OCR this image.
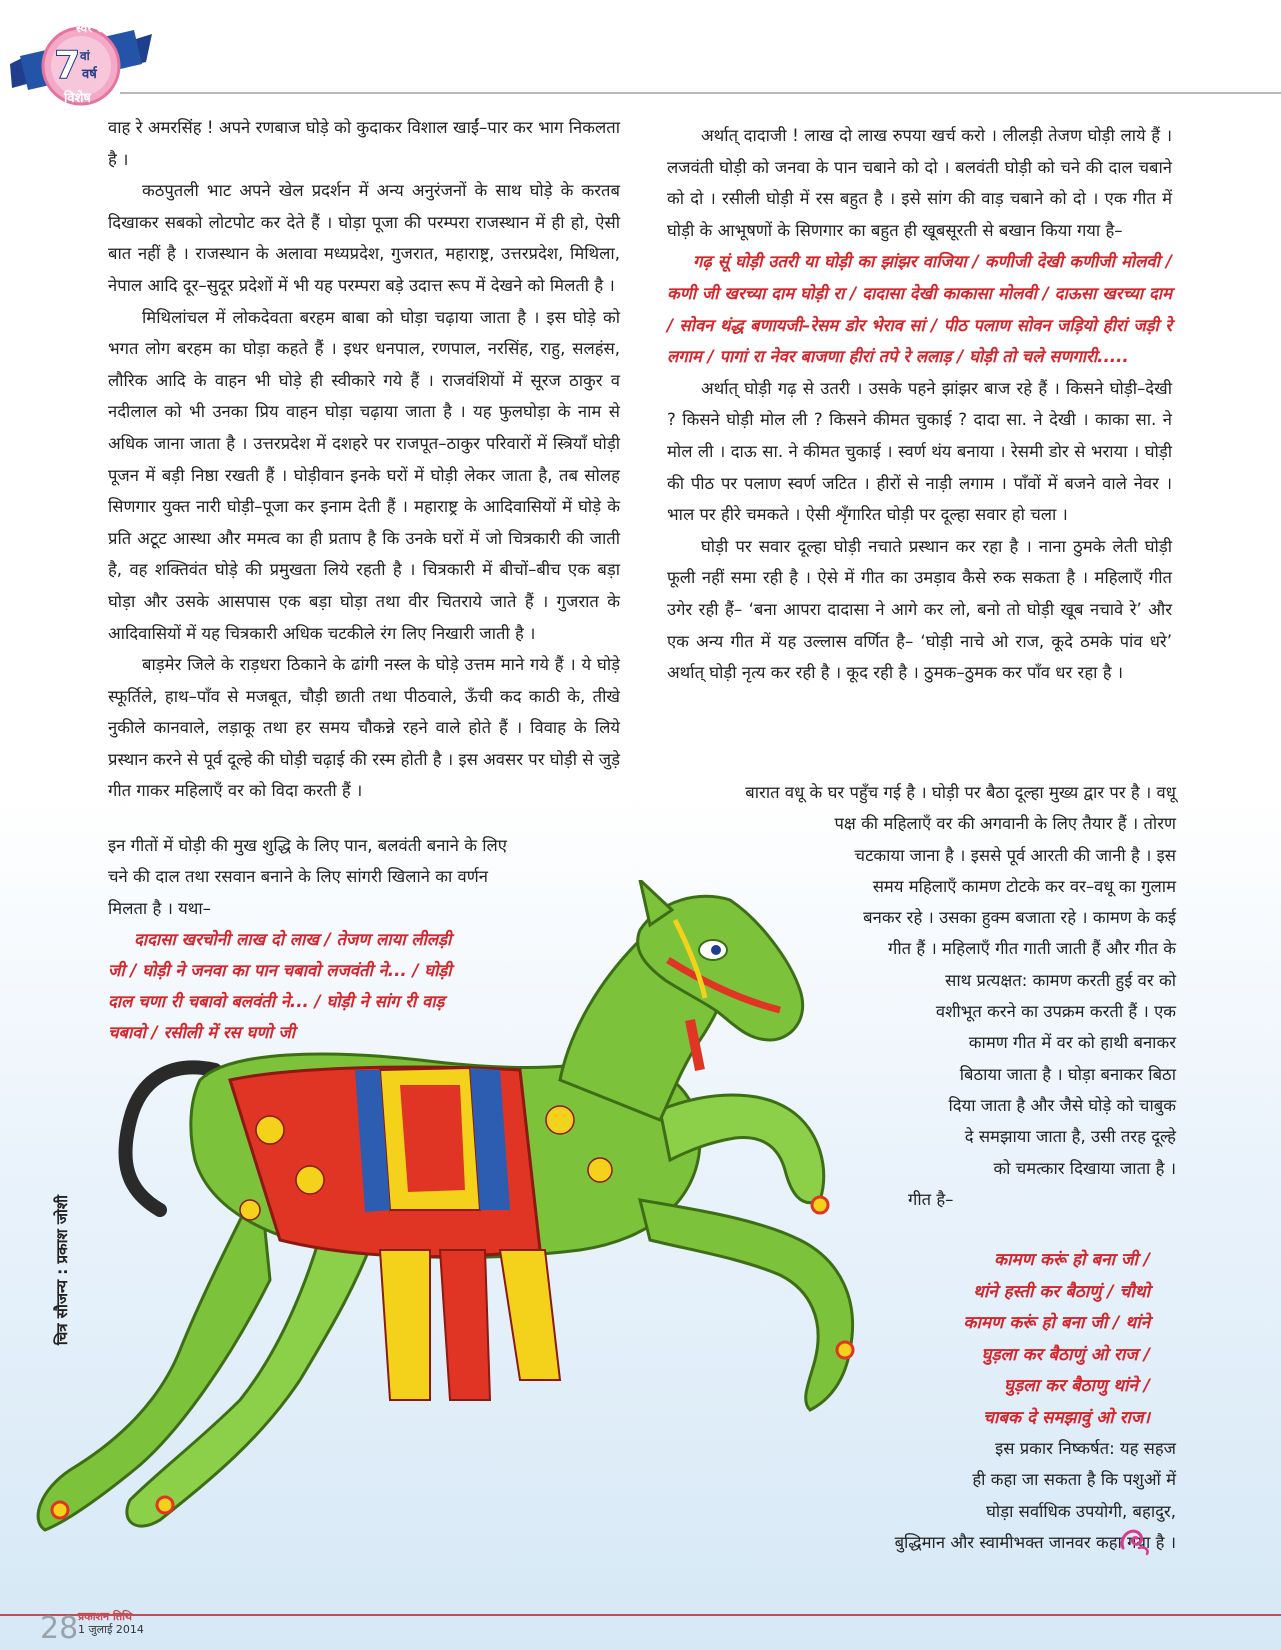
स्वर सरिता
7 वां
वर्ष
विशेष

वाह रे अमरसिंह ! अपने रणबाज घोड़े को कुदाकर विशाल खाईं–पार कर भाग निकलता है ।

कठपुतली भाट अपने खेल प्रदर्शन में अन्य अनुरंजनों के साथ घोड़े के करतब दिखाकर सबको लोटपोट कर देते हैं । घोड़ा पूजा की परम्परा राजस्थान में ही हो, ऐसी बात नहीं है । राजस्थान के अलावा मध्यप्रदेश, गुजरात, महाराष्ट्र, उत्तरप्रदेश, मिथिला, नेपाल आदि दूर–सुदूर प्रदेशों में भी यह परम्परा बड़े उदात्त रूप में देखने को मिलती है ।

मिथिलांचल में लोकदेवता बरहम बाबा को घोड़ा चढ़ाया जाता है । इस घोड़े को भगत लोग बरहम का घोड़ा कहते हैं । इधर धनपाल, रणपाल, नरसिंह, राहु, सलहंस, लौरिक आदि के वाहन भी घोड़े ही स्वीकारे गये हैं । राजवंशियों में सूरज ठाकुर व नदीलाल को भी उनका प्रिय वाहन घोड़ा चढ़ाया जाता है । यह फुलघोड़ा के नाम से अधिक जाना जाता है । उत्तरप्रदेश में दशहरे पर राजपूत–ठाकुर परिवारों में स्त्रियाँ घोड़ी पूजन में बड़ी निष्ठा रखती हैं । घोड़ीवान इनके घरों में घोड़ी लेकर जाता है, तब सोलह सिणगार युक्त नारी घोड़ी–पूजा कर इनाम देती हैं । महाराष्ट्र के आदिवासियों में घोड़े के प्रति अटूट आस्था और ममत्व का ही प्रताप है कि उनके घरों में जो चित्रकारी की जाती है, वह शक्तिवंत घोड़े की प्रमुखता लिये रहती है । चित्रकारी में बीचों–बीच एक बड़ा घोड़ा और उसके आसपास एक बड़ा घोड़ा तथा वीर चितराये जाते हैं । गुजरात के आदिवासियों में यह चित्रकारी अधिक चटकीले रंग लिए निखारी जाती है ।

बाड़मेर जिले के राड़धरा ठिकाने के ढांगी नस्ल के घोड़े उत्तम माने गये हैं । ये घोड़े स्फूर्तिले, हाथ–पाँव से मजबूत, चौड़ी छाती तथा पीठवाले, ऊँची कद काठी के, तीखे नुकीले कानवाले, लड़ाकू तथा हर समय चौकन्ने रहने वाले होते हैं । विवाह के लिये प्रस्थान करने से पूर्व दूल्हे की घोड़ी चढ़ाई की रस्म होती है । इस अवसर पर घोड़ी से जुड़े गीत गाकर महिलाएँ वर को विदा करती हैं ।

इन गीतों में घोड़ी की मुख शुद्धि के लिए पान, बलवंती बनाने के लिए
चने की दाल तथा रसवान बनाने के लिए सांगरी खिलाने का वर्णन
मिलता है । यथा–
दादासा खरचोनी लाख दो लाख / तेजण लाया लीलड़ी
जी / घोड़ी ने जनवा का पान चबावो लजवंती ने... / घोड़ी
दाल चणा री चबावो बलवंती ने... / घोड़ी ने सांग री वाड़
चबावो / रसीली में रस घणो जी

अर्थात् दादाजी ! लाख दो लाख रुपया खर्च करो । लीलड़ी तेजण घोड़ी लाये हैं । लजवंती घोड़ी को जनवा के पान चबाने को दो । बलवंती घोड़ी को चने की दाल चबाने को दो । रसीली घोड़ी में रस बहुत है । इसे सांग की वाड़ चबाने को दो । एक गीत में घोड़ी के आभूषणों के सिणगार का बहुत ही खूबसूरती से बखान किया गया है–

गढ़ सूं घोड़ी उतरी या घोड़ी का झांझर वाजिया / कणीजी देखी कणीजी मोलवी / कणी जी खरच्या दाम घोड़ी रा / दादासा देखी काकासा मोलवी / दाऊसा खरच्या दाम / सोवन थंद्ध बणायजी–रेसम डोर भेराव सां / पीठ पलाण सोवन जड़ियो हीरां जड़ी रे लगाम / पागां रा नेवर बाजणा हीरां तपे रे ललाड़ / घोड़ी तो चले सणगारी.....

अर्थात् घोड़ी गढ़ से उतरी । उसके पहने झांझर बाज रहे हैं । किसने घोड़ी–देखी ? किसने घोड़ी मोल ली ? किसने कीमत चुकाई ? दादा सा. ने देखी । काका सा. ने मोल ली । दाऊ सा. ने कीमत चुकाई । स्वर्ण थंय बनाया । रेसमी डोर से भराया । घोड़ी की पीठ पर पलाण स्वर्ण जटित । हीरों से नाड़ी लगाम । पाँवों में बजने वाले नेवर । भाल पर हीरे चमकते । ऐसी शृँगारित घोड़ी पर दूल्हा सवार हो चला ।

घोड़ी पर सवार दूल्हा घोड़ी नचाते प्रस्थान कर रहा है । नाना ठुमके लेती घोड़ी फूली नहीं समा रही है । ऐसे में गीत का उमड़ाव कैसे रुक सकता है । महिलाएँ गीत उगेर रही हैं– ‘बना आपरा दादासा ने आगे कर लो, बनो तो घोड़ी खूब नचावे रे’ और एक अन्य गीत में यह उल्लास वर्णित है– ‘घोड़ी नाचे ओ राज, कूदे ठमके पांव धरे’ अर्थात् घोड़ी नृत्य कर रही है । कूद रही है । ठुमक–ठुमक कर पाँव धर रहा है ।

बारात वधू के घर पहुँच गई है । घोड़ी पर बैठा दूल्हा मुख्य द्वार पर है । वधू
पक्ष की महिलाएँ वर की अगवानी के लिए तैयार हैं । तोरण
चटकाया जाना है । इससे पूर्व आरती की जानी है । इस
समय महिलाएँ कामण टोटके कर वर–वधू का गुलाम
बनकर रहे । उसका हुक्म बजाता रहे । कामण के कई
गीत हैं । महिलाएँ गीत गाती जाती हैं और गीत के
साथ प्रत्यक्षत: कामण करती हुई वर को
वशीभूत करने का उपक्रम करती हैं । एक
कामण गीत में वर को हाथी बनाकर
बिठाया जाता है । घोड़ा बनाकर बिठा
दिया जाता है और जैसे घोड़े को चाबुक
दे समझाया जाता है, उसी तरह दूल्हे
को चमत्कार दिखाया जाता है ।
गीत है–
कामण करूं हो बना जी /
थांने हस्ती कर बैठाणुं / चौथो
कामण करूं हो बना जी / थांने
घुड़ला कर बैठाणुं ओ राज /
घुड़ला कर बैठाणु थांने /
चाबक दे समझावुं ओ राज।
इस प्रकार निष्कर्षत: यह सहज
ही कहा जा सकता है कि पशुओं में
घोड़ा सर्वाधिक उपयोगी, बहादुर,
बुद्धिमान और स्वामीभक्त जानवर कहा गया है ।
चित्र सौजन्य : प्रकाश जोशी
28 प्रकाशन तिथि
1 जुलाई 2014
